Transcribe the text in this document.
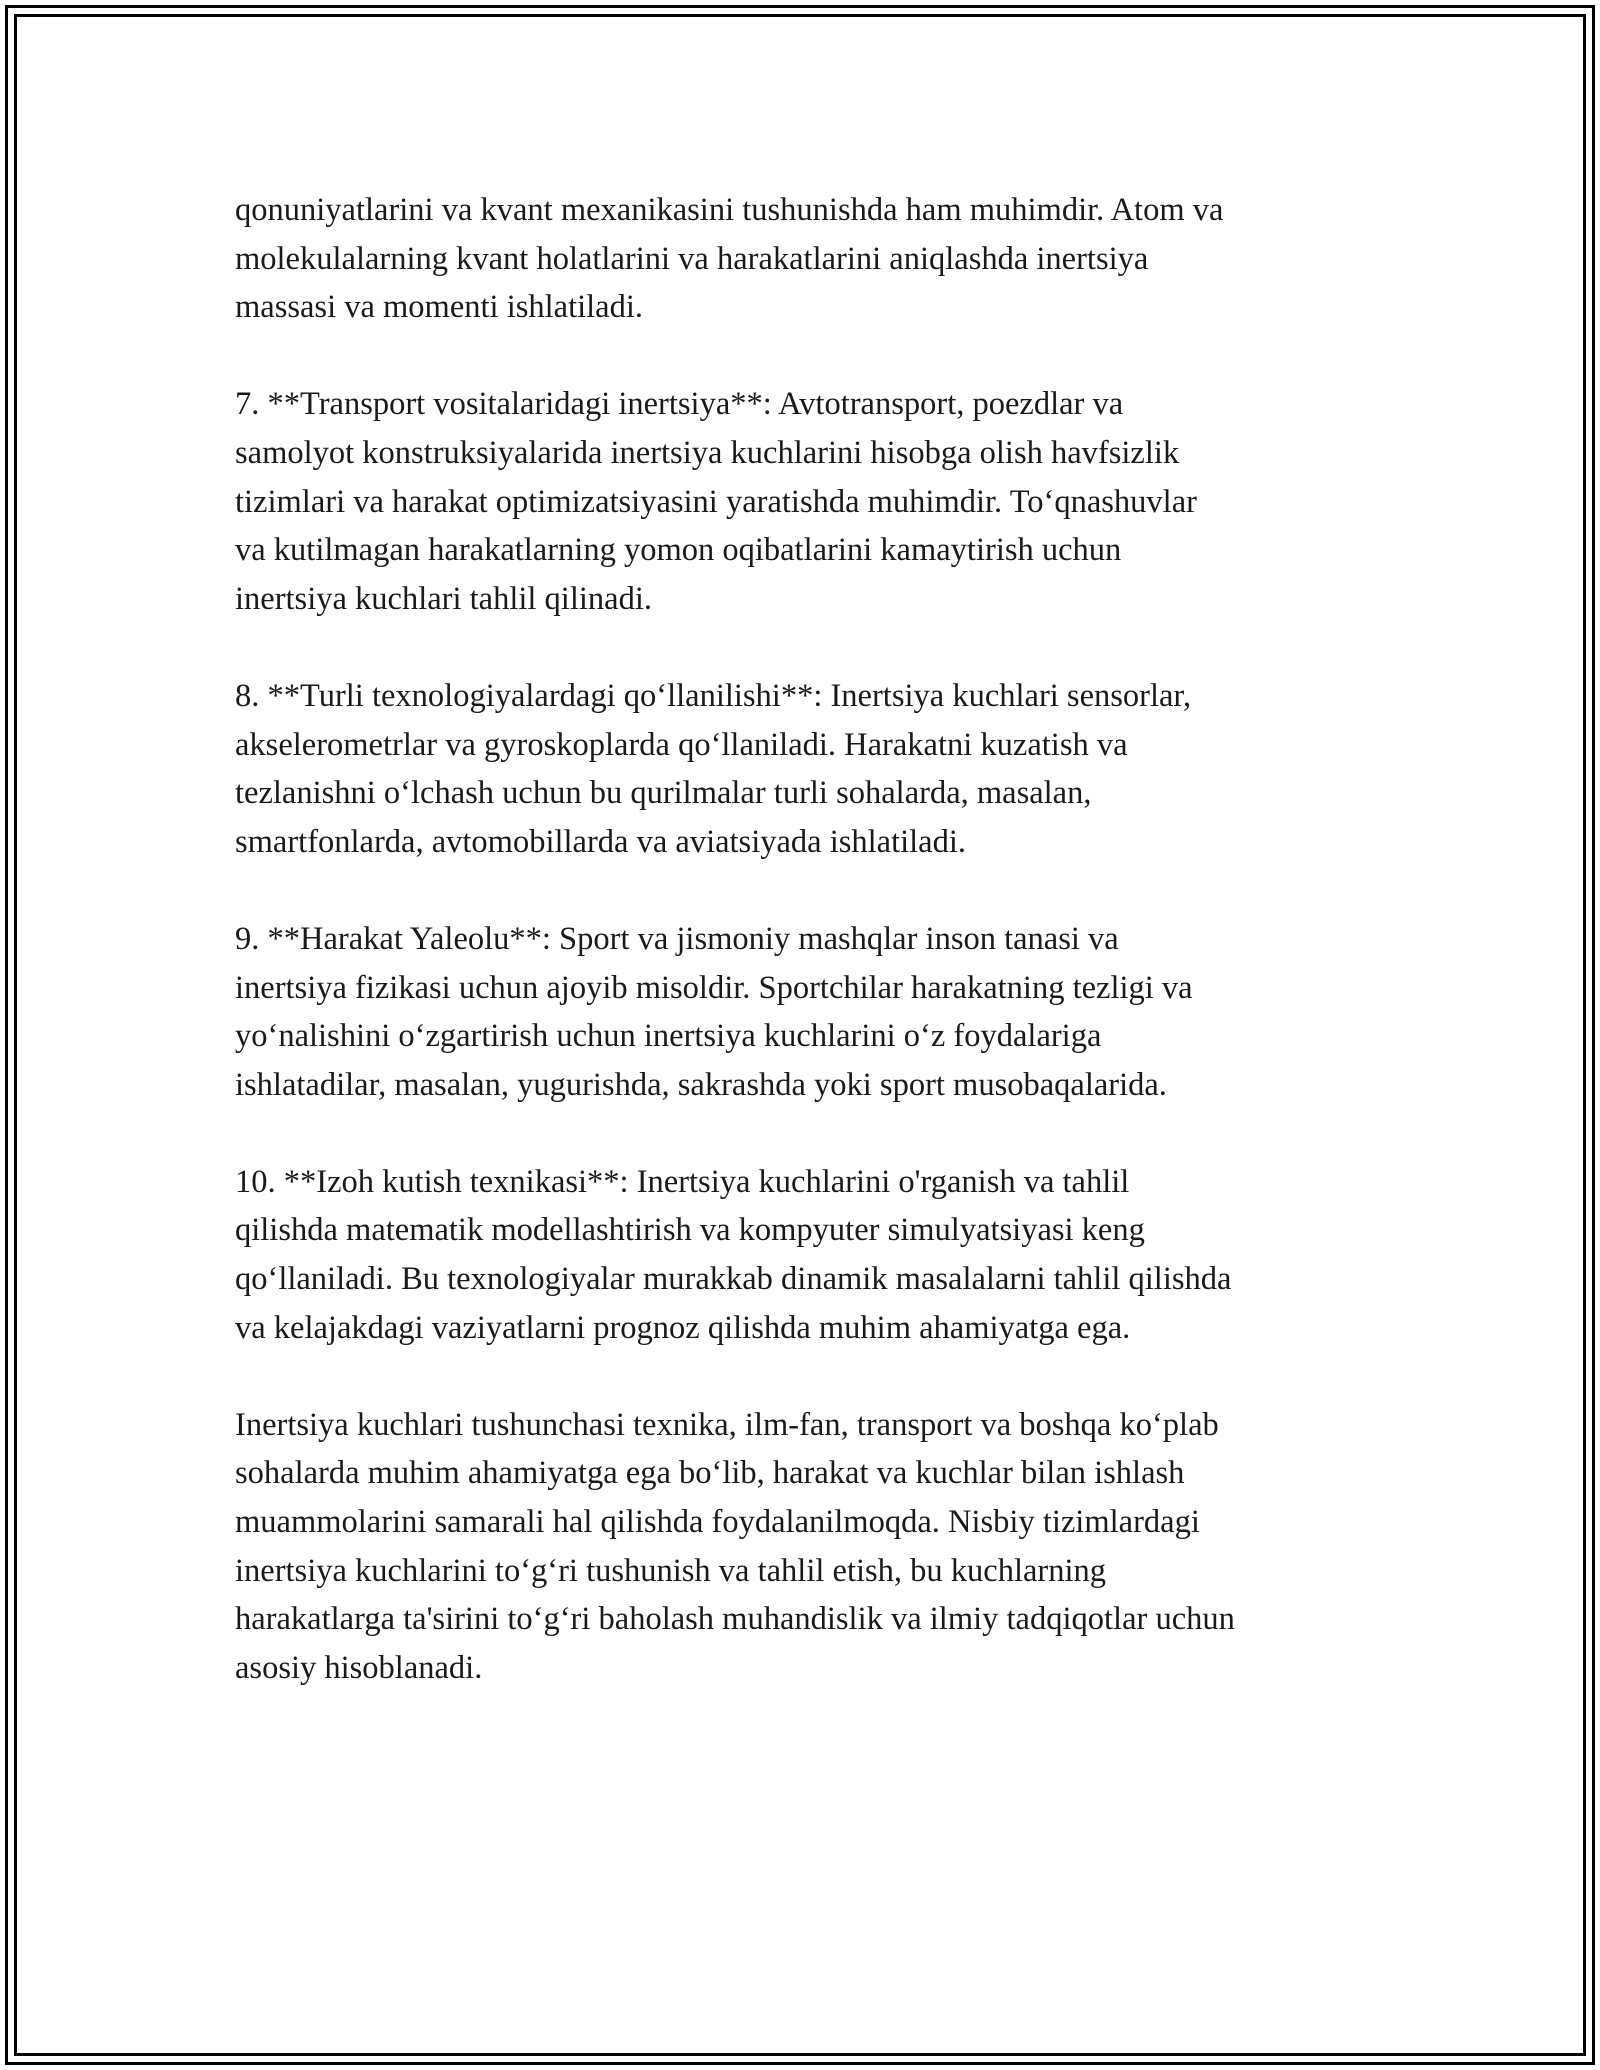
qonuniyatlarini va kvant mexanikasini tushunishda ham muhimdir. Atom va
molekulalarning kvant holatlarini va harakatlarini aniqlashda inertsiya
massasi va momenti ishlatiladi.

7. **Transport vositalaridagi inertsiya**: Avtotransport, poezdlar va
samolyot konstruksiyalarida inertsiya kuchlarini hisobga olish havfsizlik
tizimlari va harakat optimizatsiyasini yaratishda muhimdir. To‘qnashuvlar
va kutilmagan harakatlarning yomon oqibatlarini kamaytirish uchun
inertsiya kuchlari tahlil qilinadi.

8. **Turli texnologiyalardagi qo‘llanilishi**: Inertsiya kuchlari sensorlar,
akselerometrlar va gyroskoplarda qo‘llaniladi. Harakatni kuzatish va
tezlanishni o‘lchash uchun bu qurilmalar turli sohalarda, masalan,
smartfonlarda, avtomobillarda va aviatsiyada ishlatiladi.

9. **Harakat Yaleolu**: Sport va jismoniy mashqlar inson tanasi va
inertsiya fizikasi uchun ajoyib misoldir. Sportchilar harakatning tezligi va
yo‘nalishini o‘zgartirish uchun inertsiya kuchlarini o‘z foydalariga
ishlatadilar, masalan, yugurishda, sakrashda yoki sport musobaqalarida.

10. **Izoh kutish texnikasi**: Inertsiya kuchlarini o'rganish va tahlil
qilishda matematik modellashtirish va kompyuter simulyatsiyasi keng
qo‘llaniladi. Bu texnologiyalar murakkab dinamik masalalarni tahlil qilishda
va kelajakdagi vaziyatlarni prognoz qilishda muhim ahamiyatga ega.

Inertsiya kuchlari tushunchasi texnika, ilm-fan, transport va boshqa ko‘plab
sohalarda muhim ahamiyatga ega bo‘lib, harakat va kuchlar bilan ishlash
muammolarini samarali hal qilishda foydalanilmoqda. Nisbiy tizimlardagi
inertsiya kuchlarini to‘g‘ri tushunish va tahlil etish, bu kuchlarning
harakatlarga ta'sirini to‘g‘ri baholash muhandislik va ilmiy tadqiqotlar uchun
asosiy hisoblanadi.
